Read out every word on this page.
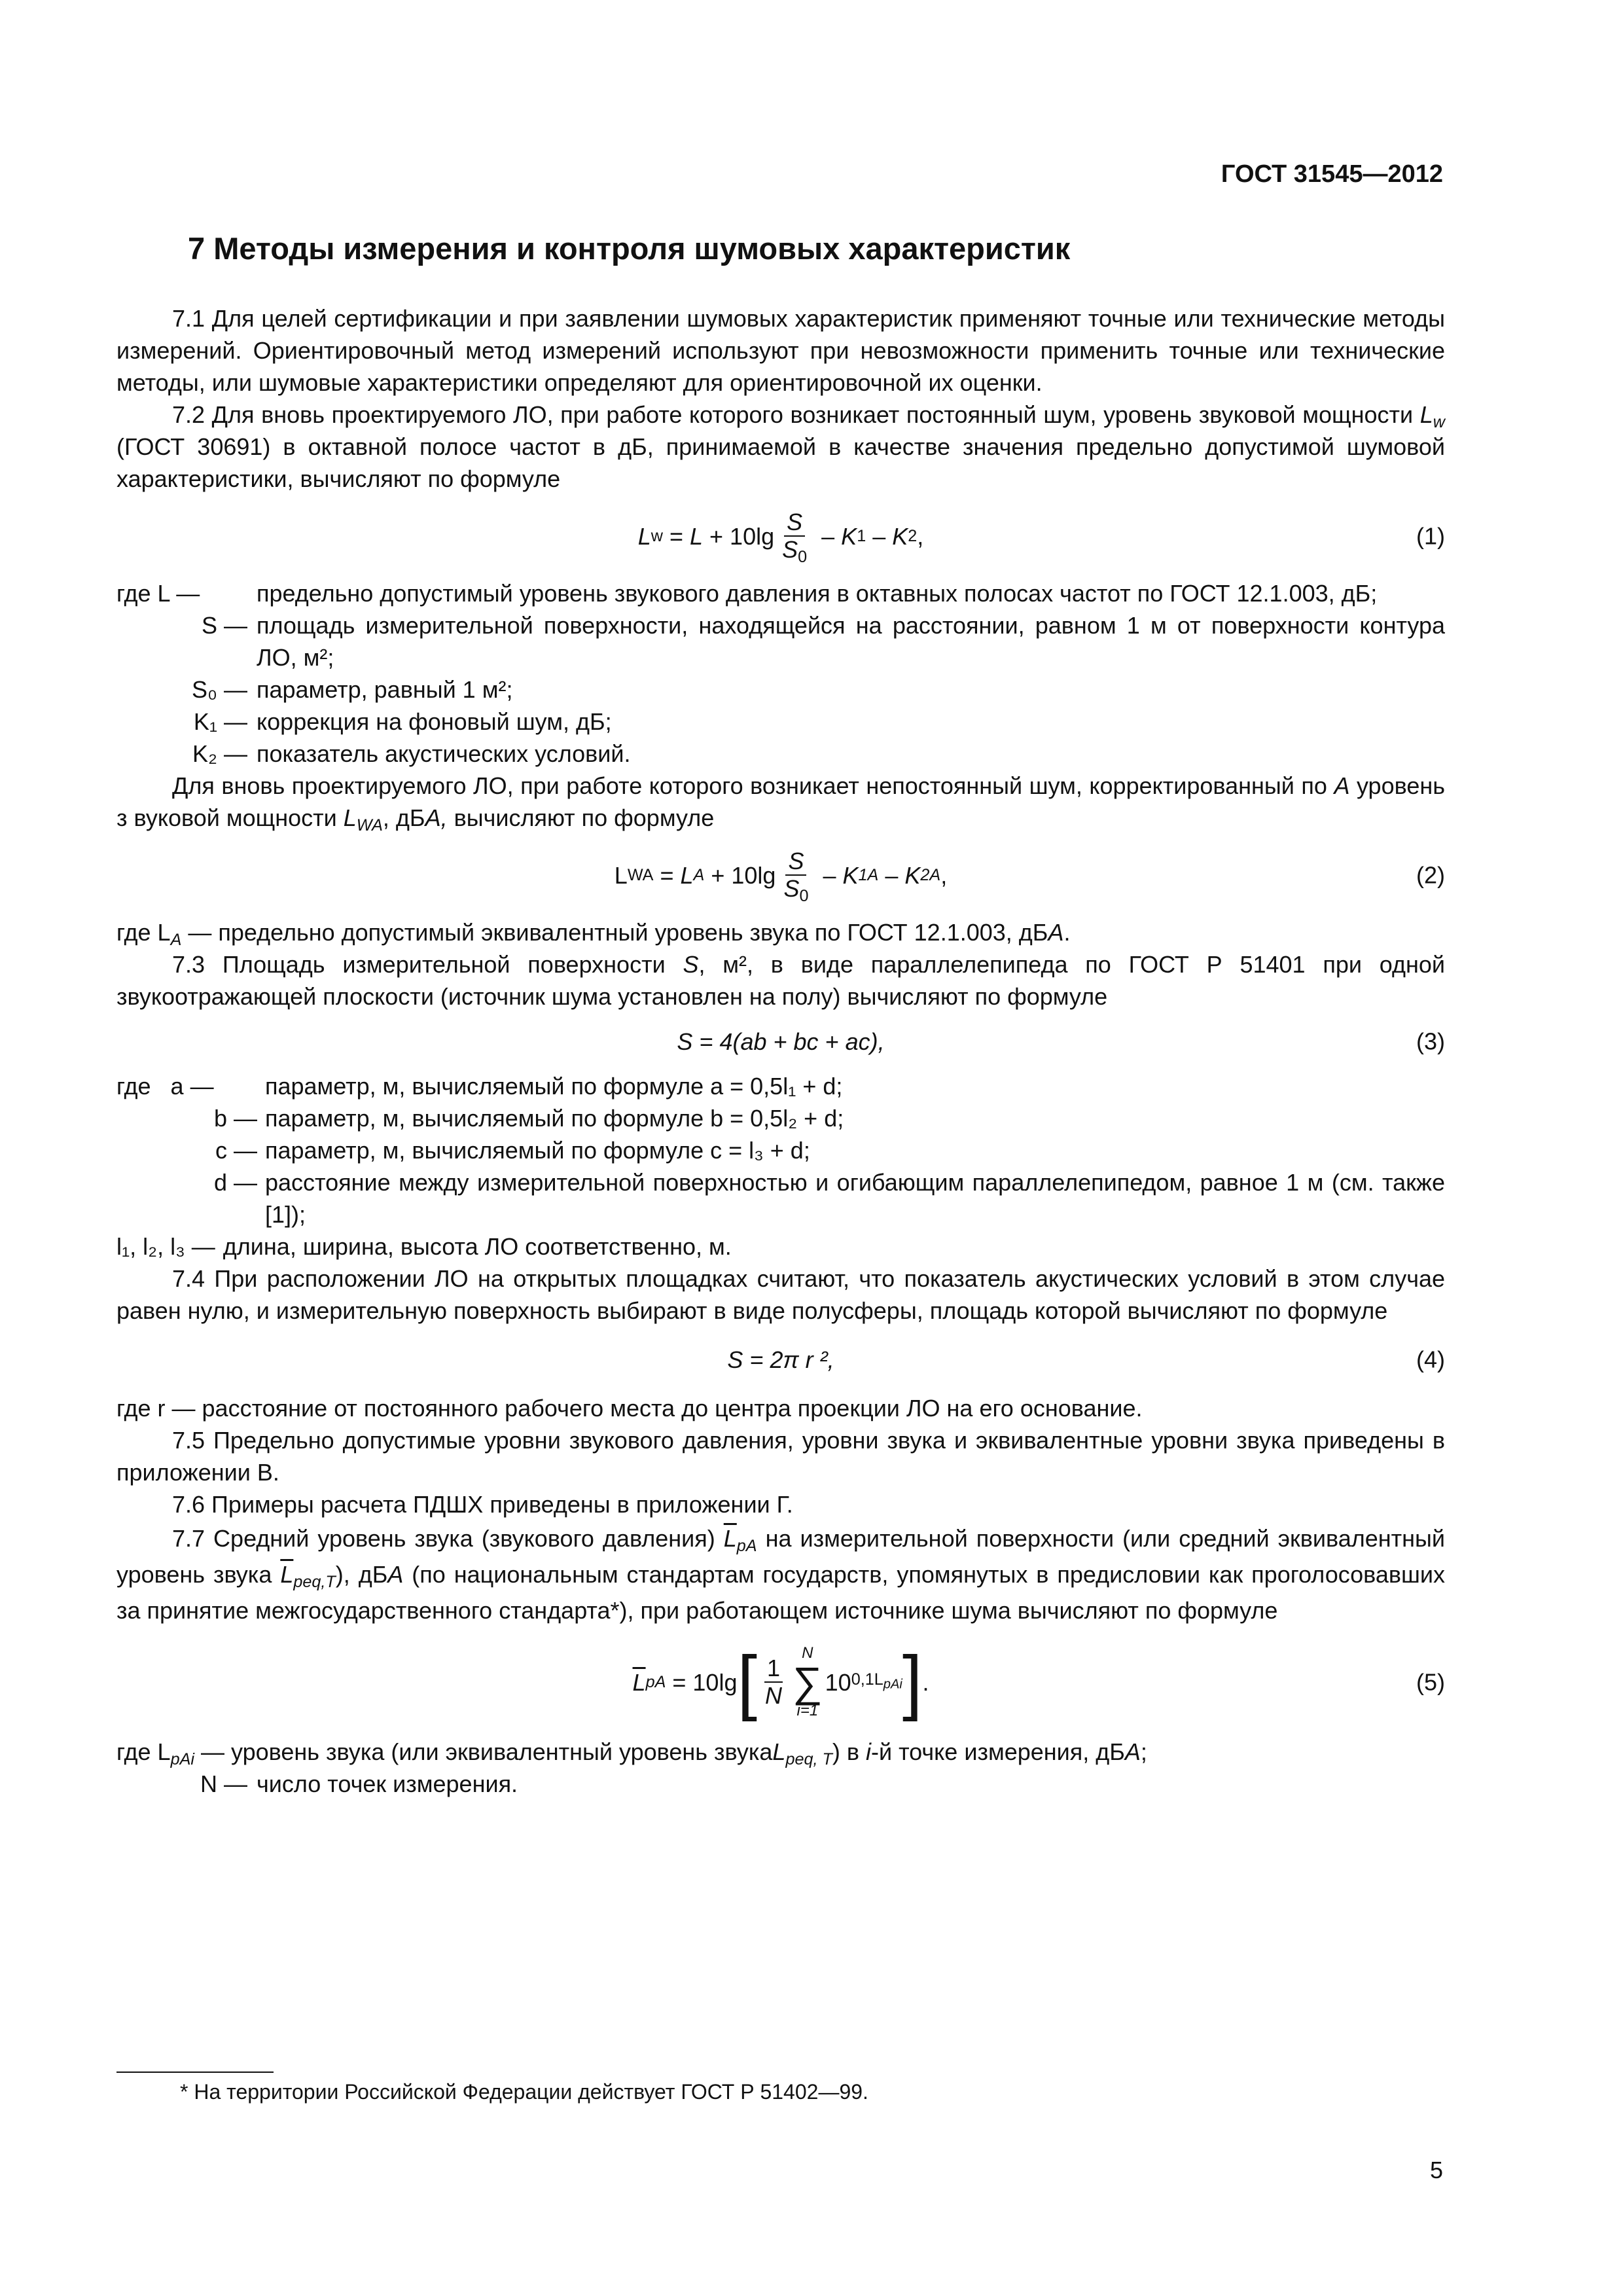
ГОСТ 31545—2012

7 Методы измерения и контроля шумовых характеристик

7.1 Для целей сертификации и при заявлении шумовых характеристик применяют точные или технические методы измерений. Ориентировочный метод измерений используют при невозможности применить точные или технические методы, или шумовые характеристики определяют для ориентировочной их оценки.

7.2 Для вновь проектируемого ЛО, при работе которого возникает постоянный шум, уровень звуковой мощности $L_w$ (ГОСТ 30691) в октавной полосе частот в дБ, принимаемой в качестве значения предельно допустимой шумовой характеристики, вычисляют по формуле

L $w = L + 10\lg \frac{S}{S_0} - K$ 1 – K 2 ,	(1)
где L —	предельно допустимый уровень звукового давления в октавных полосах частот по ГОСТ 12.1.003, дБ;
S — площадь измерительной поверхности, находящейся на расстоянии, равном 1 м от поверхности контура ЛО, м²;
S₀ — параметр, равный 1 м²;
K₁ — коррекция на фоновый шум, дБ;
K₂ — показатель акустических условий.

Для вновь проектируемого ЛО, при работе которого возникает непостоянный шум, корректированный по A уровень з вуковой мощности $L_{WA}$, дБA, вычисляют по формуле

L WA = L $A + 10\lg \frac{S}{S_0} - K$ 1A – K 2A ,	(2)

где $L_A$ — предельно допустимый эквивалентный уровень звука по ГОСТ 12.1.003, дБA.

7.3 Площадь измерительной поверхности S, м², в виде параллелепипеда по ГОСТ Р 51401 при одной звукоотражающей плоскости (источник шума установлен на полу) вычисляют по формуле

S = 4(ab + bc + ac),	(3)
где   a —	параметр, м, вычисляемый по формуле a = 0,5l₁ + d;
b — параметр, м, вычисляемый по формуле b = 0,5l₂ + d;
c — параметр, м, вычисляемый по формуле c = l₃ + d;
d — расстояние между измерительной поверхностью и огибающим параллелепипедом, равное 1 м (см. также [1]);
l₁, l₂, l₃ — длина, ширина, высота ЛО соответственно, м.

7.4 При расположении ЛО на открытых площадках считают, что показатель акустических условий в этом случае равен нулю, и измерительную поверхность выбирают в виде полусферы, площадь которой вычисляют по формуле

S = 2π r ²,	(4)

где r — расстояние от постоянного рабочего места до центра проекции ЛО на его основание.

7.5 Предельно допустимые уровни звукового давления, уровни звука и эквивалентные уровни звука приведены в приложении В.

7.6 Примеры расчета ПДШХ приведены в приложении Г.

7.7 Средний уровень звука (звукового давления) $\overline{L}_{pA}$ на измерительной поверхности (или средний эквивалентный уровень звука $\overline{L}_{peq,T}$), дБA (по национальным стандартам государств, упомянутых в предисловии как проголосовавших за принятие межгосударственного стандарта*), при работающем источнике шума вычисляют по формуле

$\overline{L}$ pA = 10lg [ $\frac{1}{N}$
N
∑
i=1
10 $0,1L_{pAi}$ ] .	(5)

где $L_{pAi}$ — уровень звука (или эквивалентный уровень звукаL$_{peq, T}$) в i-й точке измерения, дБA;

N — число точек измерения.

* На территории Российской Федерации действует ГОСТ Р 51402—99.

5
